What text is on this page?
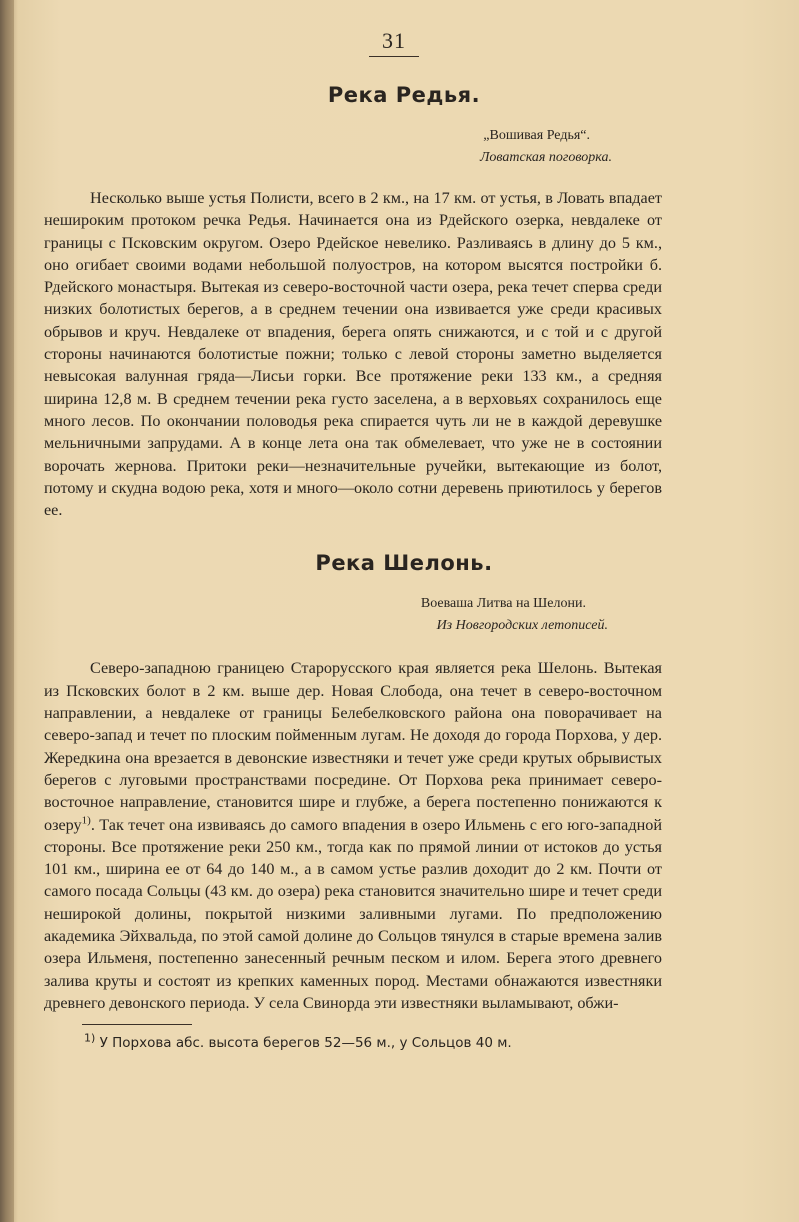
31
Река Редья.
„Вошивая Редья“.
Ловатская поговорка.
Несколько выше устья Полисти, всего в 2 км., на 17 км. от устья, в Ловать впадает нешироким протоком речка Редья. Начинается она из Рдейского озерка, невдалеке от границы с Псковским округом. Озеро Рдейское невелико. Разливаясь в длину до 5 км., оно огибает своими водами небольшой полуостров, на котором высятся постройки б. Рдейского монастыря. Вытекая из северо-восточной части озера, река течет сперва среди низких болотистых берегов, а в среднем течении она извивается уже среди красивых обрывов и круч. Невдалеке от впадения, берега опять снижаются, и с той и с другой стороны начинаются болотистые пожни; только с левой стороны заметно выделяется невысокая валунная гряда—Лисьи горки. Все протяжение реки 133 км., а средняя ширина 12,8 м. В среднем течении река густо заселена, а в верховьях сохранилось еще много лесов. По окончании половодья река спирается чуть ли не в каждой деревушке мельничными запрудами. А в конце лета она так обмелевает, что уже не в состоянии ворочать жернова. Притоки реки—незначительные ручейки, вытекающие из болот, потому и скудна водою река, хотя и много—около сотни деревень приютилось у берегов ее.
Река Шелонь.
Воеваша Литва на Шелони.
Из Новгородских летописей.
Северо-западною границею Старорусского края является река Шелонь. Вытекая из Псковских болот в 2 км. выше дер. Новая Слобода, она течет в северо-восточном направлении, а невдалеке от границы Белебелковского района она поворачивает на северо-запад и течет по плоским пойменным лугам. Не доходя до города Порхова, у дер. Жередкина она врезается в девонские известняки и течет уже среди крутых обрывистых берегов с луговыми пространствами посредине. От Порхова река принимает северо-восточное направление, становится шире и глубже, а берега постепенно понижаются к озеру$^{1)}$. Так течет она извиваясь до самого впадения в озеро Ильмень с его юго-западной стороны. Все протяжение реки 250 км., тогда как по прямой линии от истоков до устья 101 км., ширина ее от 64 до 140 м., а в самом устье разлив доходит до 2 км. Почти от самого посада Сольцы (43 км. до озера) река становится значительно шире и течет среди неширокой долины, покрытой низкими заливными лугами. По предположению академика Эйхвальда, по этой самой долине до Сольцов тянулся в старые времена залив озера Ильменя, постепенно занесенный речным песком и илом. Берега этого древнего залива круты и состоят из крепких каменных пород. Местами обнажаются известняки древнего девонского периода. У села Свинорда эти известняки выламывают, обжи-
$^{1)}$ У Порхова абс. высота берегов 52—56 м., у Сольцов 40 м.
